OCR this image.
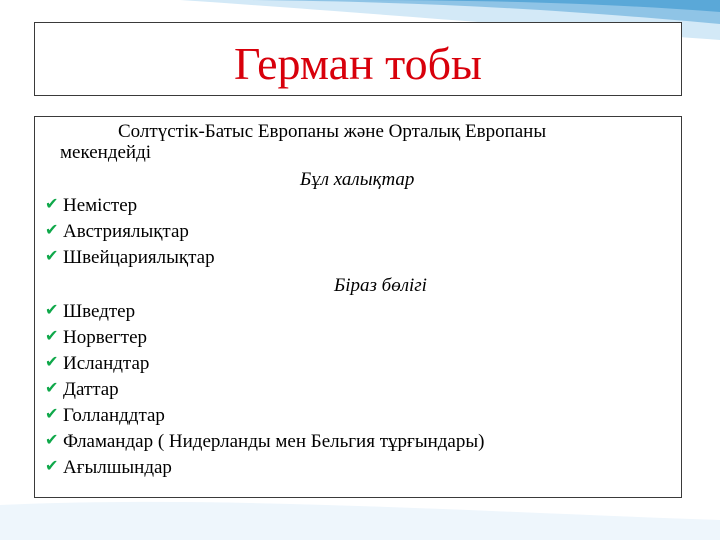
Герман тобы
Солтүстік-Батыс Европаны және Орталық Европаны
мекендейді
Бұл халықтар
✔ Немістер
✔ Австриялықтар
✔ Швейцариялықтар
Біраз бөлігі
✔ Шведтер
✔ Норвегтер
✔ Исландтар
✔ Даттар
✔ Голланддтар
✔ Фламандар ( Нидерланды мен Бельгия тұрғындары)
✔ Ағылшындар
